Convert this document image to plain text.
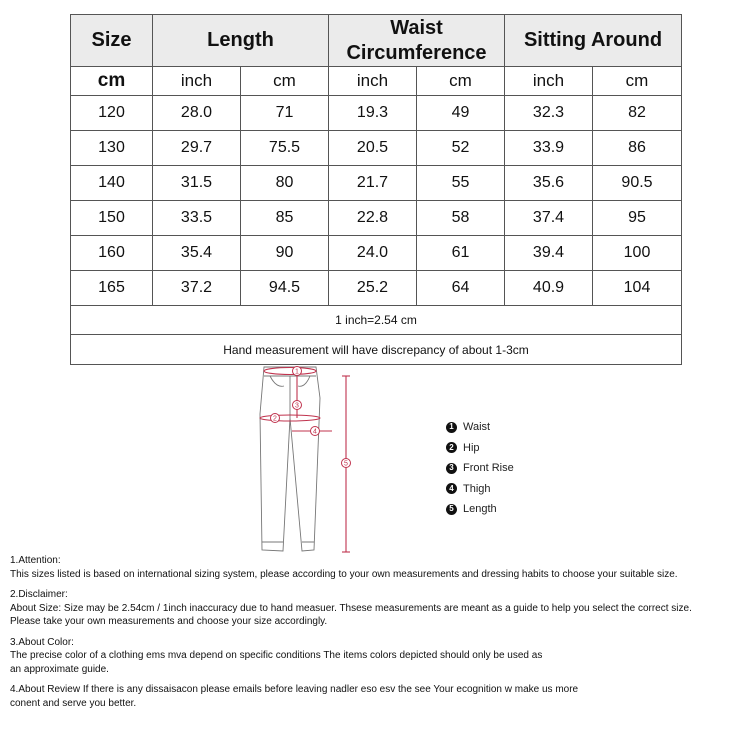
Size	Length		Waist
Circumference		Sitting Around	
cm	inch	cm	inch	cm	inch	cm
120	28.0	71	19.3	49	32.3	82
130	29.7	75.5	20.5	52	33.9	86
140	31.5	80	21.7	55	35.6	90.5
150	33.5	85	22.8	58	37.4	95
160	35.4	90	24.0	61	39.4	100
165	37.2	94.5	25.2	64	40.9	104
1 inch=2.54 cm						
Hand measurement will have discrepancy of about 1-3cm						
1
2
3
4
5
1 Waist
2 Hip
3 Front Rise
4 Thigh
5 Length

1.Attention:
This sizes listed is based on international sizing system, please according to your own measurements and dressing habits to choose your suitable size.

2.Disclaimer:
About Size: Size may be 2.54cm / 1inch inaccuracy due to hand measuer. Thsese measurements are meant as a guide to help you select the correct size.
Please take your own measurements and choose your size accordingly.

3.About Color:
The precise color of a clothing ems mva depend on specific conditions The items colors depicted should only be used as
an approximate guide.

4.About Review If there is any dissaisacon please emails before leaving nadler eso esv the see Your ecognition w make us more
conent and serve you better.
